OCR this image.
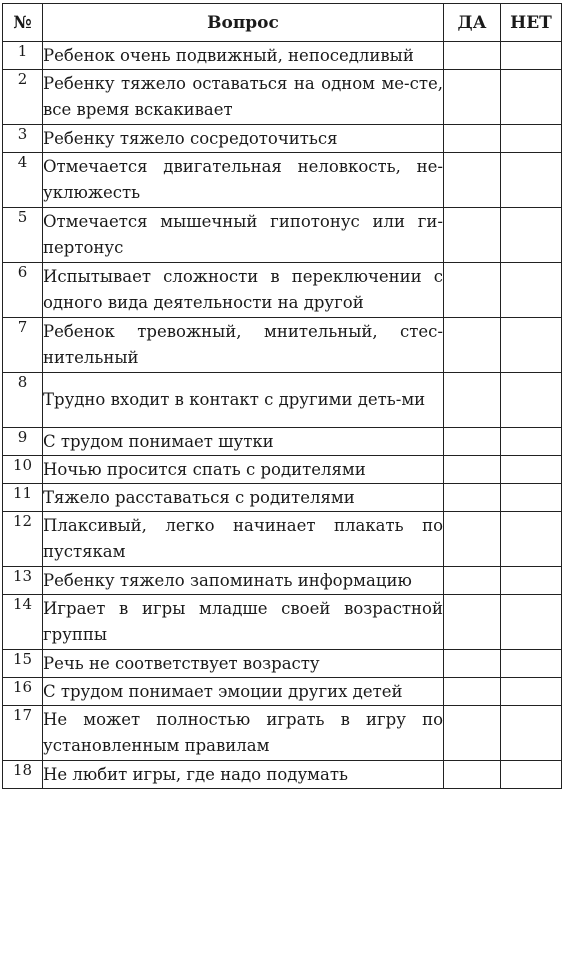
№	Вопрос	ДА	НЕТ
1	Ребенок очень подвижный, непоседливый		
2	Ребенку тяжело оставаться на одном ме-сте, все время вскакивает		
3	Ребенку тяжело сосредоточиться		
4	Отмечается двигательная неловкость, не-уклюжесть		
5	Отмечается мышечный гипотонус или ги-пертонус		
6	Испытывает сложности в переключении с одного вида деятельности на другой		
7	Ребенок тревожный, мнительный, стес-нительный		
8	Трудно входит в контакт с другими деть-ми		
9	С трудом понимает шутки		
10	Ночью просится спать с родителями		
11	Тяжело расставаться с родителями		
12	Плаксивый, легко начинает плакать по пустякам		
13	Ребенку тяжело запоминать информацию		
14	Играет в игры младше своей возрастной группы		
15	Речь не соответствует возрасту		
16	С трудом понимает эмоции других детей		
17	Не может полностью играть в игру по установленным правилам		
18	Не любит игры, где надо подумать		
